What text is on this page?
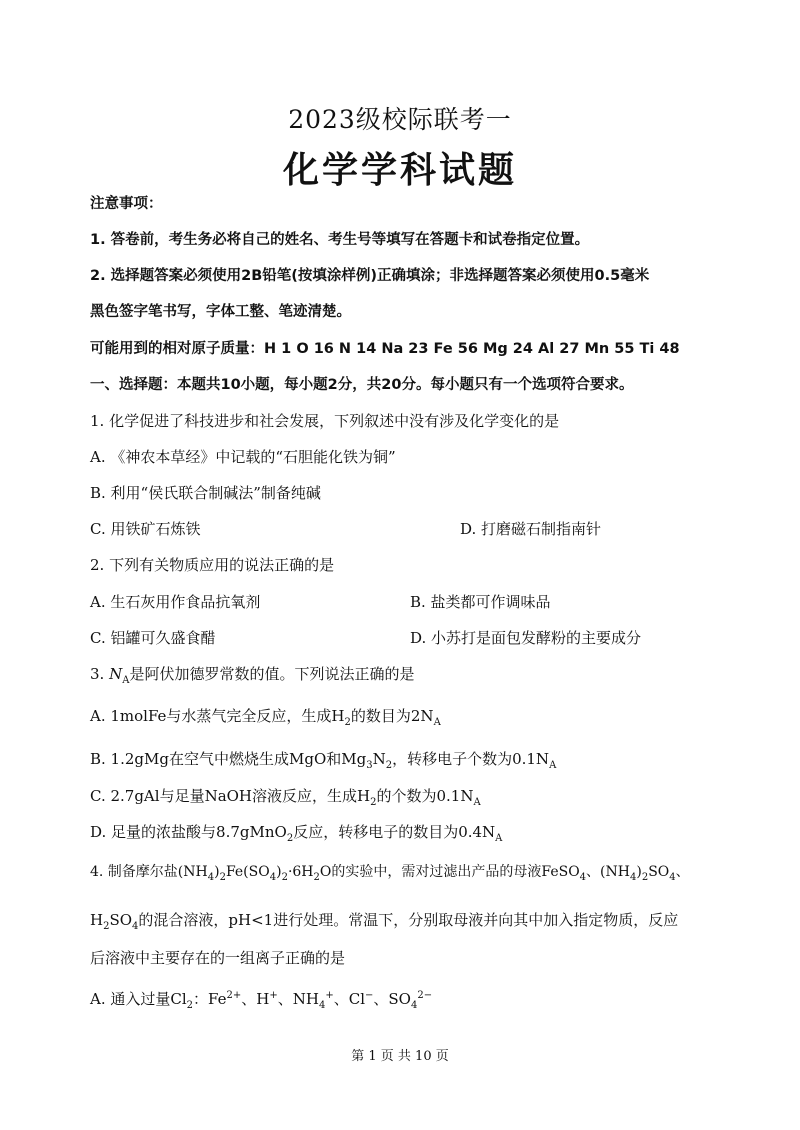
2023级校际联考一
化学学科试题
注意事项：
1. 答卷前，考生务必将自己的姓名、考生号等填写在答题卡和试卷指定位置。
2. 选择题答案必须使用2B铅笔(按填涂样例)正确填涂；非选择题答案必须使用0.5毫米
黑色签字笔书写，字体工整、笔迹清楚。
可能用到的相对原子质量：H 1 O 16 N 14 Na 23 Fe 56 Mg 24 Al 27 Mn 55 Ti 48
一、选择题：本题共10小题，每小题2分，共20分。每小题只有一个选项符合要求。
1. 化学促进了科技进步和社会发展，下列叙述中没有涉及化学变化的是
A. 《神农本草经》中记载的“石胆能化铁为铜”
B. 利用“侯氏联合制碱法”制备纯碱
C. 用铁矿石炼铁	D. 打磨磁石制指南针
2. 下列有关物质应用的说法正确的是
A. 生石灰用作食品抗氧剂	B. 盐类都可作调味品
C. 铝罐可久盛食醋	D. 小苏打是面包发酵粉的主要成分
3. $N_A$是阿伏加德罗常数的值。下列说法正确的是
A. 1molFe与水蒸气完全反应，生成$H_2$的数目为$2N_A$
B. 1.2gMg在空气中燃烧生成MgO和$Mg_3N_2$，转移电子个数为$0.1N_A$
C. 2.7gAl与足量NaOH溶液反应，生成$H_2$的个数为$0.1N_A$
D. 足量的浓盐酸与8.7gMnO$_2$反应，转移电子的数目为$0.4N_A$
4. 制备摩尔盐$(NH_4)_2Fe(SO_4)_2\cdot 6H_2O$的实验中，需对过滤出产品的母液FeSO$_4$、$(NH_4)_2SO_4$、
$H_2SO_4$的混合溶液，pH<1进行处理。常温下，分别取母液并向其中加入指定物质，反应
后溶液中主要存在的一组离子正确的是
A. 通入过量$Cl_2$：$Fe^{2+}$、H+、$NH_4^+$、Cl−、$SO_4^{2-}$
第 1 页 共 10 页
